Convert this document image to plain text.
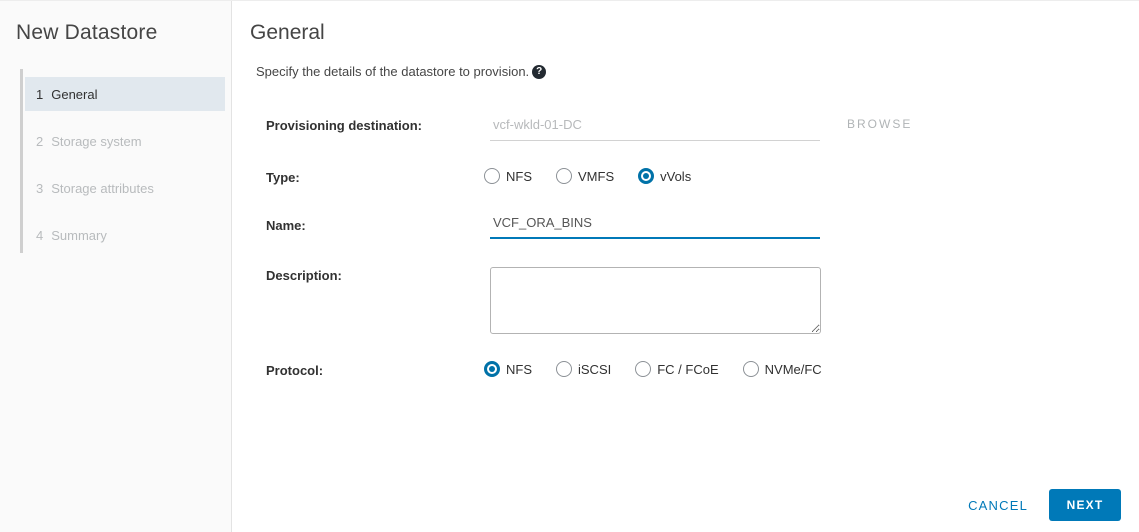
New Datastore
1 General
2 Storage system
3 Storage attributes
4 Summary
General
Specify the details of the datastore to provision. ?
Provisioning destination:
vcf-wkld-01-DC	BROWSE
Type:	NFS	VMFS	vVols
Name:
VCF_ORA_BINS
Description:
Protocol:	NFS	iSCSI	FC / FCoE	NVMe/FC
CANCEL	NEXT
